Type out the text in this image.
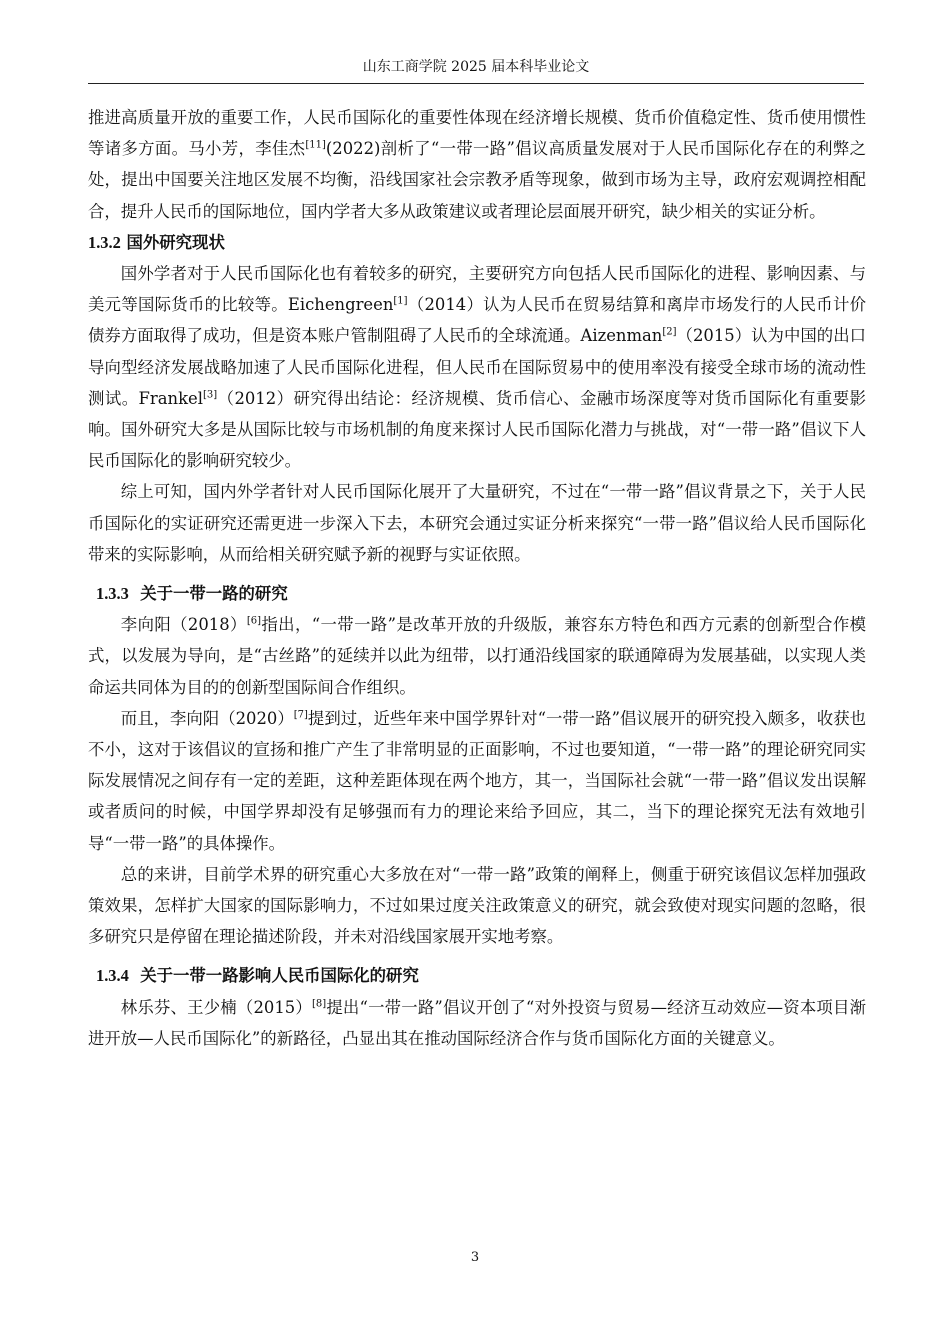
山东工商学院 2025 届本科毕业论文

推进高质量开放的重要工作，人民币国际化的重要性体现在经济增长规模、货币价值稳定性、货币使用惯性等诸多方面。马小芳，李佳杰[11](2022)剖析了“一带一路”倡议高质量发展对于人民币国际化存在的利弊之处，提出中国要关注地区发展不均衡，沿线国家社会宗教矛盾等现象，做到市场为主导，政府宏观调控相配合，提升人民币的国际地位，国内学者大多从政策建议或者理论层面展开研究，缺少相关的实证分析。

1.3.2 国外研究现状

国外学者对于人民币国际化也有着较多的研究，主要研究方向包括人民币国际化的进程、影响因素、与美元等国际货币的比较等。Eichengreen[1]（2014）认为人民币在贸易结算和离岸市场发行的人民币计价债券方面取得了成功，但是资本账户管制阻碍了人民币的全球流通。Aizenman[2]（2015）认为中国的出口导向型经济发展战略加速了人民币国际化进程，但人民币在国际贸易中的使用率没有接受全球市场的流动性测试。Frankel[3]（2012）研究得出结论：经济规模、货币信心、金融市场深度等对货币国际化有重要影响。国外研究大多是从国际比较与市场机制的角度来探讨人民币国际化潜力与挑战，对“一带一路”倡议下人民币国际化的影响研究较少。

综上可知，国内外学者针对人民币国际化展开了大量研究，不过在“一带一路”倡议背景之下，关于人民币国际化的实证研究还需更进一步深入下去，本研究会通过实证分析来探究“一带一路”倡议给人民币国际化带来的实际影响，从而给相关研究赋予新的视野与实证依照。

1.3.3 关于一带一路的研究

李向阳（2018）[6]指出，“一带一路”是改革开放的升级版，兼容东方特色和西方元素的创新型合作模式，以发展为导向，是“古丝路”的延续并以此为纽带，以打通沿线国家的联通障碍为发展基础，以实现人类命运共同体为目的的创新型国际间合作组织。

而且，李向阳（2020）[7]提到过，近些年来中国学界针对“一带一路”倡议展开的研究投入颇多，收获也不小，这对于该倡议的宣扬和推广产生了非常明显的正面影响，不过也要知道，“一带一路”的理论研究同实际发展情况之间存有一定的差距，这种差距体现在两个地方，其一，当国际社会就“一带一路”倡议发出误解或者质问的时候，中国学界却没有足够强而有力的理论来给予回应，其二，当下的理论探究无法有效地引导“一带一路”的具体操作。

总的来讲，目前学术界的研究重心大多放在对“一带一路”政策的阐释上，侧重于研究该倡议怎样加强政策效果，怎样扩大国家的国际影响力，不过如果过度关注政策意义的研究，就会致使对现实问题的忽略，很多研究只是停留在理论描述阶段，并未对沿线国家展开实地考察。

1.3.4 关于一带一路影响人民币国际化的研究

林乐芬、王少楠（2015）[8]提出“一带一路”倡议开创了“对外投资与贸易—经济互动效应—资本项目渐进开放—人民币国际化”的新路径，凸显出其在推动国际经济合作与货币国际化方面的关键意义。

3
